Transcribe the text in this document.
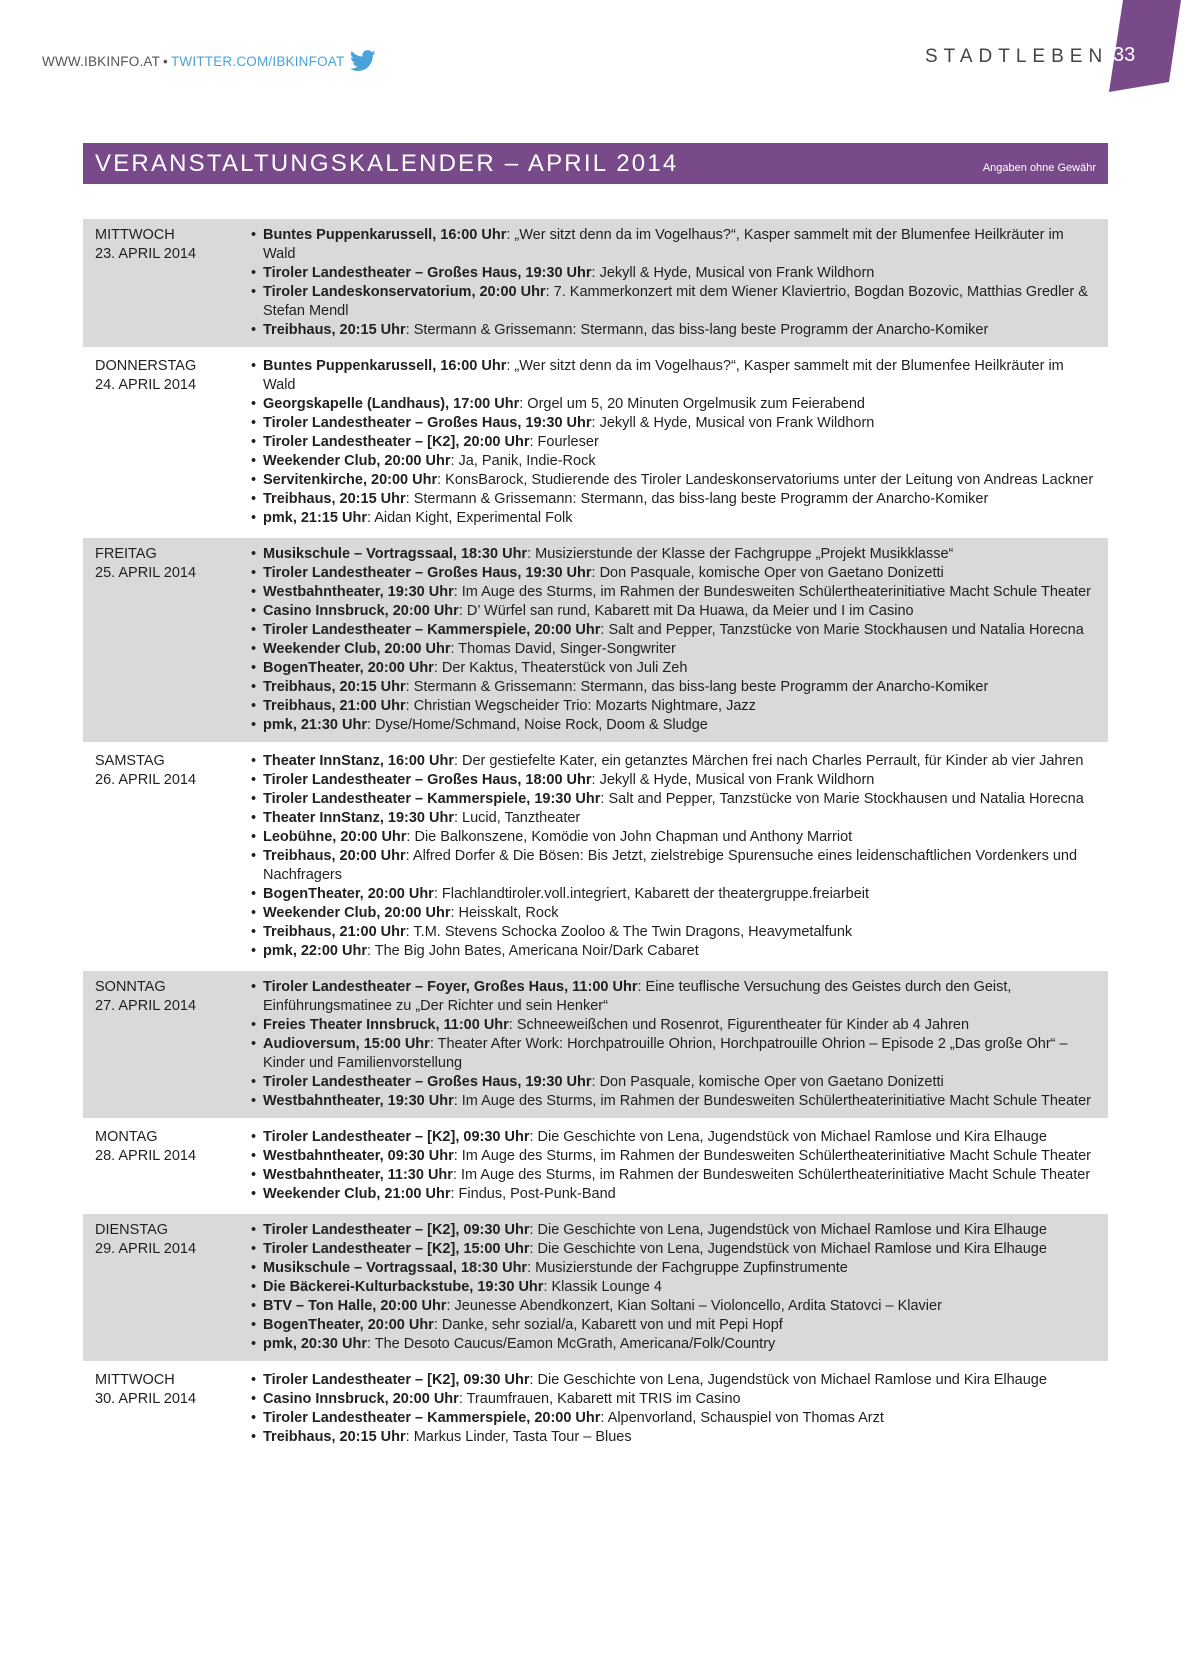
WWW.IBKINFO.AT • TWITTER.COM/IBKINFOAT	STADTLEBEN 33
VERANSTALTUNGSKALENDER – APRIL 2014	Angaben ohne Gewähr
MITTWOCH
23. APRIL 2014
• Buntes Puppenkarussell, 16:00 Uhr: „Wer sitzt denn da im Vogelhaus?“, Kasper sammelt mit der Blumenfee Heilkräuter im Wald
• Tiroler Landestheater – Großes Haus, 19:30 Uhr: Jekyll & Hyde, Musical von Frank Wildhorn
• Tiroler Landeskonservatorium, 20:00 Uhr: 7. Kammerkonzert mit dem Wiener Klaviertrio, Bogdan Bozovic, Matthias Gredler & Stefan Mendl
• Treibhaus, 20:15 Uhr: Stermann & Grissemann: Stermann, das biss-lang beste Programm der Anarcho-Komiker
DONNERSTAG
24. APRIL 2014
• Buntes Puppenkarussell, 16:00 Uhr: „Wer sitzt denn da im Vogelhaus?“, Kasper sammelt mit der Blumenfee Heilkräuter im Wald
• Georgskapelle (Landhaus), 17:00 Uhr: Orgel um 5, 20 Minuten Orgelmusik zum Feierabend
• Tiroler Landestheater – Großes Haus, 19:30 Uhr: Jekyll & Hyde, Musical von Frank Wildhorn
• Tiroler Landestheater – [K2], 20:00 Uhr: Fourleser
• Weekender Club, 20:00 Uhr: Ja, Panik, Indie-Rock
• Servitenkirche, 20:00 Uhr: KonsBarock, Studierende des Tiroler Landeskonservatoriums unter der Leitung von Andreas Lackner
• Treibhaus, 20:15 Uhr: Stermann & Grissemann: Stermann, das biss-lang beste Programm der Anarcho-Komiker
• pmk, 21:15 Uhr: Aidan Kight, Experimental Folk
FREITAG
25. APRIL 2014
• Musikschule – Vortragssaal, 18:30 Uhr: Musizierstunde der Klasse der Fachgruppe „Projekt Musikklasse“
• Tiroler Landestheater – Großes Haus, 19:30 Uhr: Don Pasquale, komische Oper von Gaetano Donizetti
• Westbahntheater, 19:30 Uhr: Im Auge des Sturms, im Rahmen der Bundesweiten Schülertheaterinitiative Macht Schule Theater
• Casino Innsbruck, 20:00 Uhr: D’ Würfel san rund, Kabarett mit Da Huawa, da Meier und I im Casino
• Tiroler Landestheater – Kammerspiele, 20:00 Uhr: Salt and Pepper, Tanzstücke von Marie Stockhausen und Natalia Horecna
• Weekender Club, 20:00 Uhr: Thomas David, Singer-Songwriter
• BogenTheater, 20:00 Uhr: Der Kaktus, Theaterstück von Juli Zeh
• Treibhaus, 20:15 Uhr: Stermann & Grissemann: Stermann, das biss-lang beste Programm der Anarcho-Komiker
• Treibhaus, 21:00 Uhr: Christian Wegscheider Trio: Mozarts Nightmare, Jazz
• pmk, 21:30 Uhr: Dyse/Home/Schmand, Noise Rock, Doom & Sludge
SAMSTAG
26. APRIL 2014
• Theater InnStanz, 16:00 Uhr: Der gestiefelte Kater, ein getanztes Märchen frei nach Charles Perrault, für Kinder ab vier Jahren
• Tiroler Landestheater – Großes Haus, 18:00 Uhr: Jekyll & Hyde, Musical von Frank Wildhorn
• Tiroler Landestheater – Kammerspiele, 19:30 Uhr: Salt and Pepper, Tanzstücke von Marie Stockhausen und Natalia Horecna
• Theater InnStanz, 19:30 Uhr: Lucid, Tanztheater
• Leobühne, 20:00 Uhr: Die Balkonszene, Komödie von John Chapman und Anthony Marriot
• Treibhaus, 20:00 Uhr: Alfred Dorfer & Die Bösen: Bis Jetzt, zielstrebige Spurensuche eines leidenschaftlichen Vordenkers und Nachfragers
• BogenTheater, 20:00 Uhr: Flachlandtiroler.voll.integriert, Kabarett der theatergruppe.freiarbeit
• Weekender Club, 20:00 Uhr: Heisskalt, Rock
• Treibhaus, 21:00 Uhr: T.M. Stevens Schocka Zooloo & The Twin Dragons, Heavymetalfunk
• pmk, 22:00 Uhr: The Big John Bates, Americana Noir/Dark Cabaret
SONNTAG
27. APRIL 2014
• Tiroler Landestheater – Foyer, Großes Haus, 11:00 Uhr: Eine teuflische Versuchung des Geistes durch den Geist, Einführungsmatinee zu „Der Richter und sein Henker“
• Freies Theater Innsbruck, 11:00 Uhr: Schneeweißchen und Rosenrot, Figurentheater für Kinder ab 4 Jahren
• Audioversum, 15:00 Uhr: Theater After Work: Horchpatrouille Ohrion, Horchpatrouille Ohrion – Episode 2 „Das große Ohr“ – Kinder und Familienvorstellung
• Tiroler Landestheater – Großes Haus, 19:30 Uhr: Don Pasquale, komische Oper von Gaetano Donizetti
• Westbahntheater, 19:30 Uhr: Im Auge des Sturms, im Rahmen der Bundesweiten Schülertheaterinitiative Macht Schule Theater
MONTAG
28. APRIL 2014
• Tiroler Landestheater – [K2], 09:30 Uhr: Die Geschichte von Lena, Jugendstück von Michael Ramlose und Kira Elhauge
• Westbahntheater, 09:30 Uhr: Im Auge des Sturms, im Rahmen der Bundesweiten Schülertheaterinitiative Macht Schule Theater
• Westbahntheater, 11:30 Uhr: Im Auge des Sturms, im Rahmen der Bundesweiten Schülertheaterinitiative Macht Schule Theater
• Weekender Club, 21:00 Uhr: Findus, Post-Punk-Band
DIENSTAG
29. APRIL 2014
• Tiroler Landestheater – [K2], 09:30 Uhr: Die Geschichte von Lena, Jugendstück von Michael Ramlose und Kira Elhauge
• Tiroler Landestheater – [K2], 15:00 Uhr: Die Geschichte von Lena, Jugendstück von Michael Ramlose und Kira Elhauge
• Musikschule – Vortragssaal, 18:30 Uhr: Musizierstunde der Fachgruppe Zupfinstrumente
• Die Bäckerei-Kulturbackstube, 19:30 Uhr: Klassik Lounge 4
• BTV – Ton Halle, 20:00 Uhr: Jeunesse Abendkonzert, Kian Soltani – Violoncello, Ardita Statovci – Klavier
• BogenTheater, 20:00 Uhr: Danke, sehr sozial/a, Kabarett von und mit Pepi Hopf
• pmk, 20:30 Uhr: The Desoto Caucus/Eamon McGrath, Americana/Folk/Country
MITTWOCH
30. APRIL 2014
• Tiroler Landestheater – [K2], 09:30 Uhr: Die Geschichte von Lena, Jugendstück von Michael Ramlose und Kira Elhauge
• Casino Innsbruck, 20:00 Uhr: Traumfrauen, Kabarett mit TRIS im Casino
• Tiroler Landestheater – Kammerspiele, 20:00 Uhr: Alpenvorland, Schauspiel von Thomas Arzt
• Treibhaus, 20:15 Uhr: Markus Linder, Tasta Tour – Blues
